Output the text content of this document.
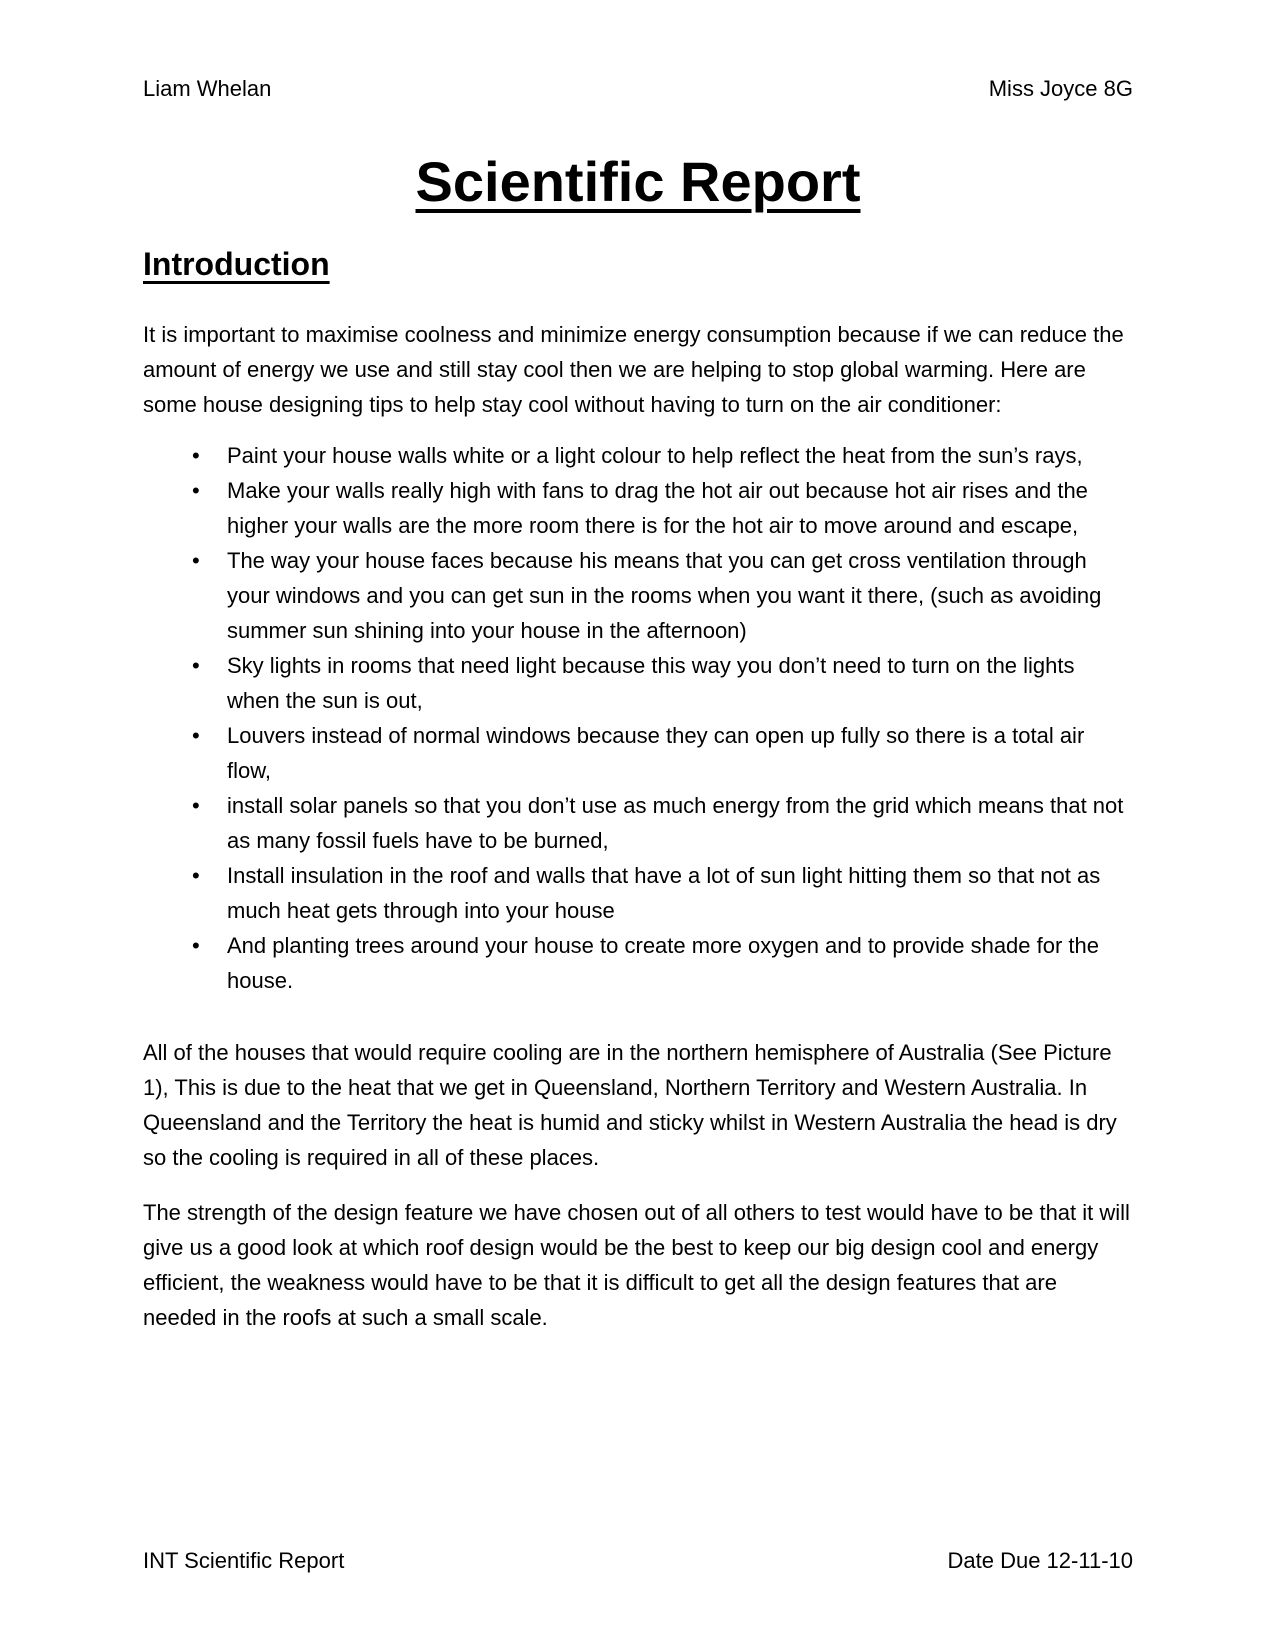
Liam Whelan	Miss Joyce 8G
Scientific Report
Introduction

It is important to maximise coolness and minimize energy consumption because if we can reduce the amount of energy we use and still stay cool then we are helping to stop global warming. Here are some house designing tips to help stay cool without having to turn on the air conditioner:

• Paint your house walls white or a light colour to help reflect the heat from the sun’s rays,
• Make your walls really high with fans to drag the hot air out because hot air rises and the higher your walls are the more room there is for the hot air to move around and escape,
• The way your house faces because his means that you can get cross ventilation through your windows and you can get sun in the rooms when you want it there, (such as avoiding summer sun shining into your house in the afternoon)
• Sky lights in rooms that need light because this way you don’t need to turn on the lights when the sun is out,
• Louvers instead of normal windows because they can open up fully so there is a total air flow,
• install solar panels so that you don’t use as much energy from the grid which means that not as many fossil fuels have to be burned,
• Install insulation in the roof and walls that have a lot of sun light hitting them so that not as much heat gets through into your house
• And planting trees around your house to create more oxygen and to provide shade for the house.

All of the houses that would require cooling are in the northern hemisphere of Australia (See Picture 1), This is due to the heat that we get in Queensland, Northern Territory and Western Australia. In Queensland and the Territory the heat is humid and sticky whilst in Western Australia the head is dry so the cooling is required in all of these places.

The strength of the design feature we have chosen out of all others to test would have to be that it will give us a good look at which roof design would be the best to keep our big design cool and energy efficient, the weakness would have to be that it is difficult to get all the design features that are needed in the roofs at such a small scale.

INT Scientific Report	Date Due 12-11-10
